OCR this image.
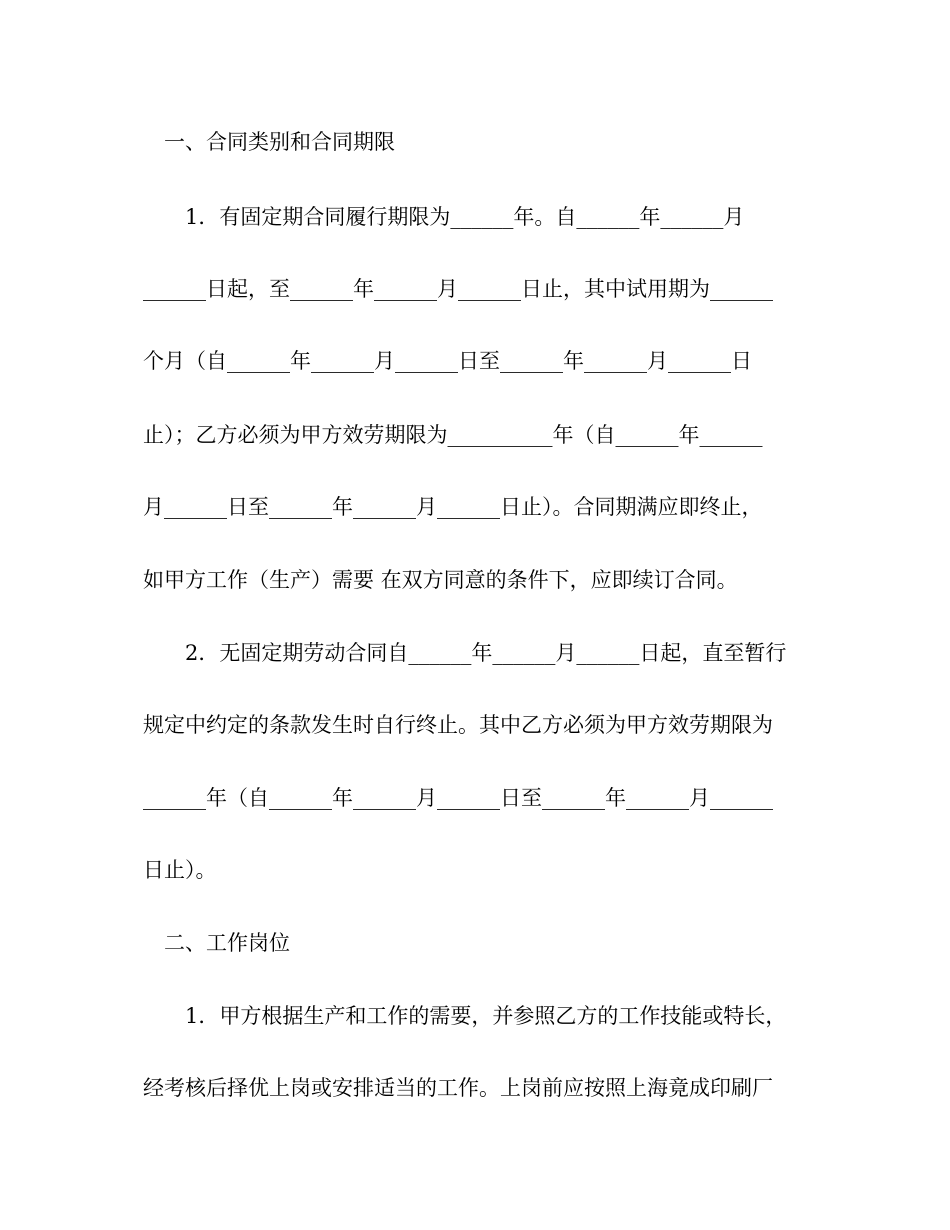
一、合同类别和合同期限
1．有固定期合同履行期限为______年。自______年______月
______日起，至______年______月______日止，其中试用期为______
个月（自______年______月______日至______年______月______日
止）；乙方必须为甲方效劳期限为__________年（自______年______
月______日至______年______月______日止）。合同期满应即终止，
如甲方工作（生产）需要 在双方同意的条件下，应即续订合同。
2．无固定期劳动合同自______年______月______日起，直至暂行
规定中约定的条款发生时自行终止。其中乙方必须为甲方效劳期限为
______年（自______年______月______日至______年______月______
日止）。
二、工作岗位
1．甲方根据生产和工作的需要，并参照乙方的工作技能或特长，
经考核后择优上岗或安排适当的工作。上岗前应按照上海竟成印刷厂
